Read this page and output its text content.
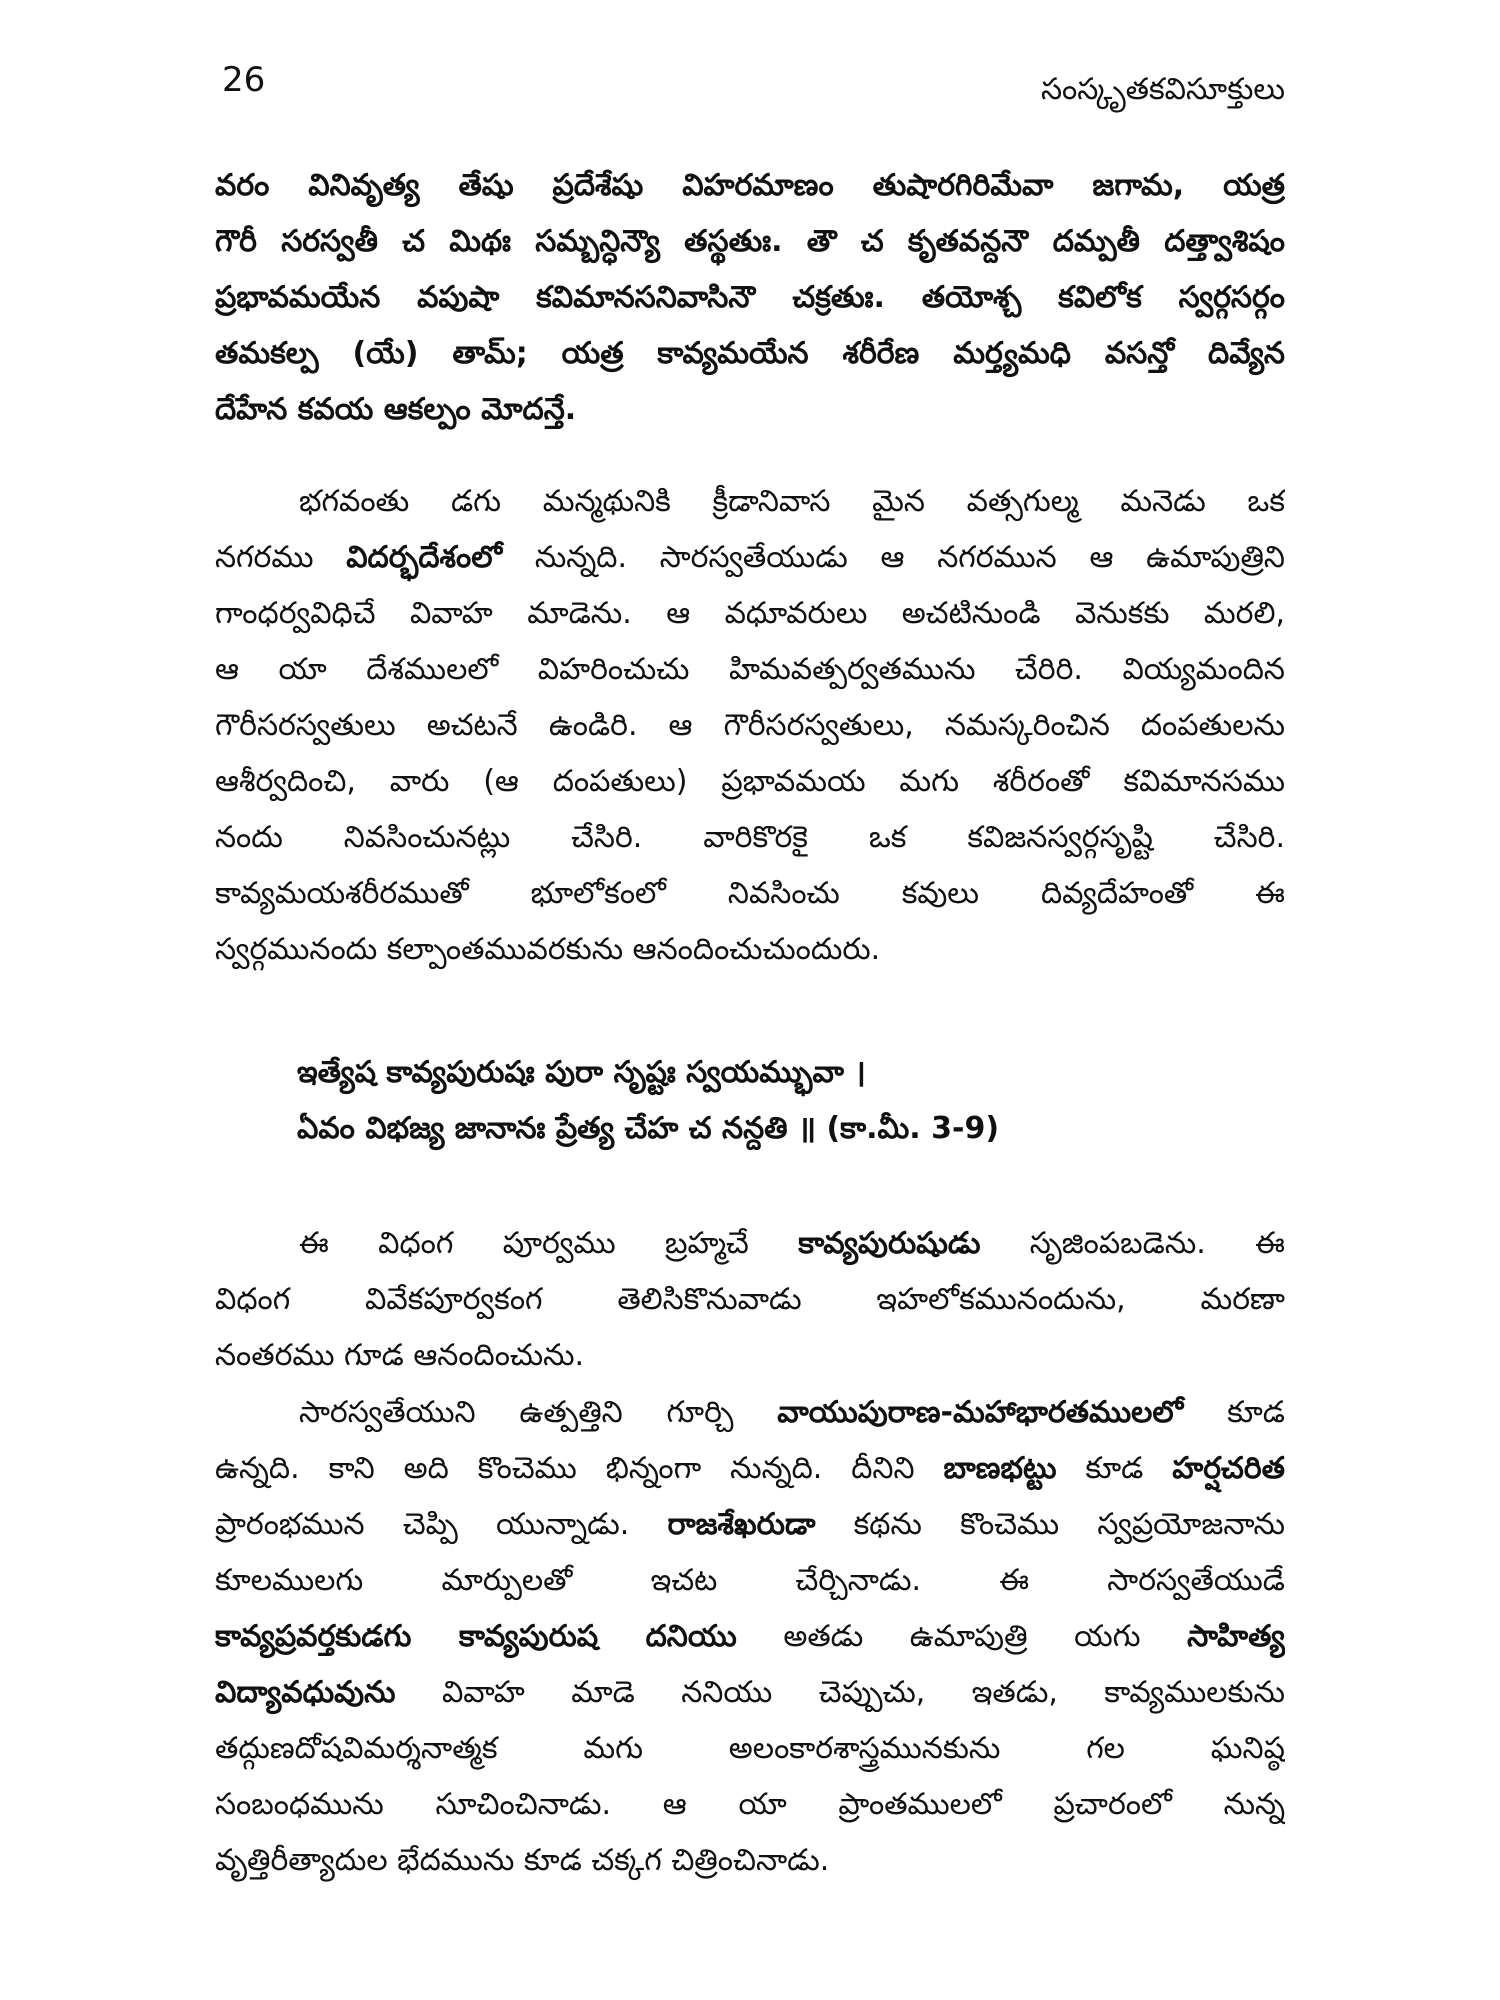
26	సంస్కృతకవిసూక్తులు
వరం వినివృత్య తేషు ప్రదేశేషు విహరమాణం తుషారగిరిమేవా జగామ, యత్ర
గౌరీ సరస్వతీ చ మిథః సమ్బన్ధిన్యౌ తస్థతుః. తౌ చ కృతవన్దనౌ దమ్పతీ దత్త్వాశిషం
ప్రభావమయేన వపుషా కవిమానసనివాసినౌ చక్రతుః. తయోశ్చ కవిలోక స్వర్గసర్గం
తమకల్ప (యే) తామ్; యత్ర కావ్యమయేన శరీరేణ మర్త్యమధి వసన్తో దివ్యేన
దేహేన కవయ ఆకల్పం మోదన్తే.
భగవంతు డగు మన్మథునికి క్రీడానివాస మైన వత్సగుల్మ మనెడు ఒక
నగరము విదర్భదేశంలో నున్నది. సారస్వతేయుడు ఆ నగరమున ఆ ఉమాపుత్రిని
గాంధర్వవిధిచే వివాహ మాడెను. ఆ వధూవరులు అచటినుండి వెనుకకు మరలి,
ఆ యా దేశములలో విహరించుచు హిమవత్పర్వతమును చేరిరి. వియ్యమందిన
గౌరీసరస్వతులు అచటనే ఉండిరి. ఆ గౌరీసరస్వతులు, నమస్కరించిన దంపతులను
ఆశీర్వదించి, వారు (ఆ దంపతులు) ప్రభావమయ మగు శరీరంతో కవిమానసము
నందు నివసించునట్లు చేసిరి. వారికొరకై ఒక కవిజనస్వర్గసృష్టి చేసిరి.
కావ్యమయశరీరముతో భూలోకంలో నివసించు కవులు దివ్యదేహంతో ఈ
స్వర్గమునందు కల్పాంతమువరకును ఆనందించుచుందురు.
ఇత్యేష కావ్యపురుషః పురా సృష్టః స్వయమ్భువా ।
ఏవం విభజ్య జానానః ప్రేత్య చేహ చ నన్దతి ॥ (కా.మీ. 3-9)
ఈ విధంగ పూర్వము బ్రహ్మచే కావ్యపురుషుడు సృజింపబడెను. ఈ
విధంగ వివేకపూర్వకంగ తెలిసికొనువాడు ఇహలోకమునందును, మరణా
నంతరము గూడ ఆనందించును.
సారస్వతేయుని ఉత్పత్తిని గూర్చి వాయుపురాణ-మహాభారతములలో కూడ
ఉన్నది. కాని అది కొంచెము భిన్నంగా నున్నది. దీనిని బాణభట్టు కూడ హర్షచరిత
ప్రారంభమున చెప్పి యున్నాడు. రాజశేఖరుడా కథను కొంచెము స్వప్రయోజనాను
కూలములగు మార్పులతో ఇచట చేర్చినాడు. ఈ సారస్వతేయుడే
కావ్యప్రవర్తకుడగు కావ్యపురుష దనియు అతడు ఉమాపుత్రి యగు సాహిత్య
విద్యావధువును వివాహ మాడె ననియు చెప్పుచు, ఇతడు, కావ్యములకును
తద్గుణదోషవిమర్శనాత్మక మగు అలంకారశాస్త్రమునకును గల ఘనిష్ఠ
సంబంధమును సూచించినాడు. ఆ యా ప్రాంతములలో ప్రచారంలో నున్న
వృత్తిరీత్యాదుల భేదమును కూడ చక్కగ చిత్రించినాడు.
